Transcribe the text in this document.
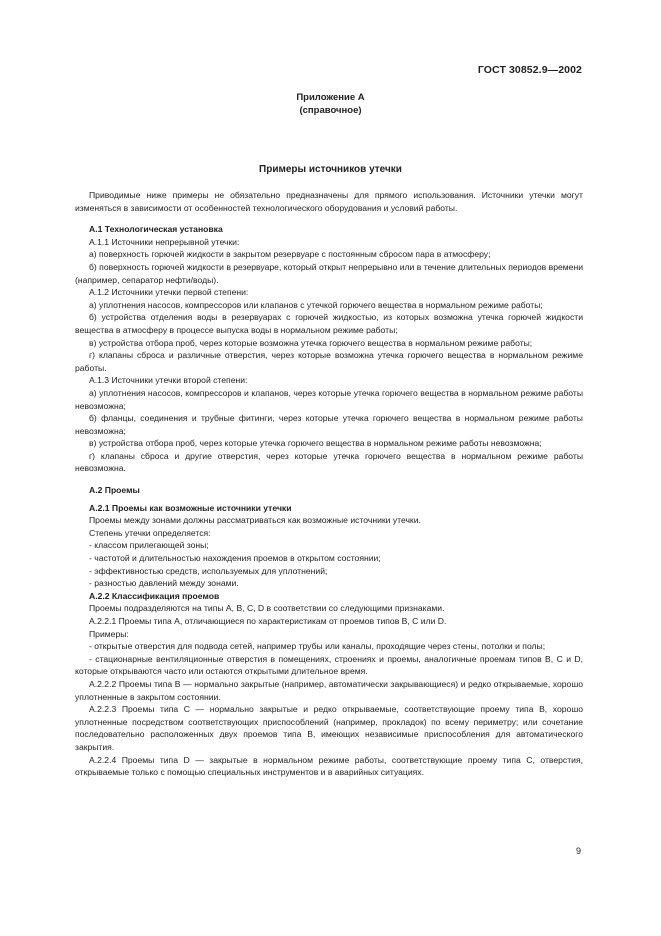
ГОСТ 30852.9—2002
Приложение А
(справочное)
Примеры источников утечки

Приводимые ниже примеры не обязательно предназначены для прямого использования. Источники утечки могут изменяться в зависимости от особенностей технологического оборудования и условий работы.

А.1 Технологическая установка

А.1.1 Источники непрерывной утечки:

а) поверхность горючей жидкости в закрытом резервуаре с постоянным сбросом пара в атмосферу;

б) поверхность горючей жидкости в резервуаре, который открыт непрерывно или в течение длительных периодов времени (например, сепаратор нефти/воды).

А.1.2 Источники утечки первой степени:

а) уплотнения насосов, компрессоров или клапанов с утечкой горючего вещества в нормальном режиме работы;

б) устройства отделения воды в резервуарах с горючей жидкостью, из которых возможна утечка горючей жидкости вещества в атмосферу в процессе выпуска воды в нормальном режиме работы;

в) устройства отбора проб, через которые возможна утечка горючего вещества в нормальном режиме работы;

г) клапаны сброса и различные отверстия, через которые возможна утечка горючего вещества в нормальном режиме работы.

А.1.3 Источники утечки второй степени:

а) уплотнения насосов, компрессоров и клапанов, через которые утечка горючего вещества в нормальном режиме работы невозможна;

б) фланцы, соединения и трубные фитинги, через которые утечка горючего вещества в нормальном режиме работы невозможна;

в) устройства отбора проб, через которые утечка горючего вещества в нормальном режиме работы невозможна;

г) клапаны сброса и другие отверстия, через которые утечка горючего вещества в нормальном режиме работы невозможна.

А.2 Проемы

А.2.1 Проемы как возможные источники утечки

Проемы между зонами должны рассматриваться как возможные источники утечки.

Степень утечки определяется:

- классом прилегающей зоны;

- частотой и длительностью нахождения проемов в открытом состоянии;

- эффективностью средств, используемых для уплотнений;

- разностью давлений между зонами.

А.2.2 Классификация проемов

Проемы подразделяются на типы А, В, С, D в соответствии со следующими признаками.

А.2.2.1 Проемы типа А, отличающиеся по характеристикам от проемов типов В, С или D.

Примеры:

- открытые отверстия для подвода сетей, например трубы или каналы, проходящие через стены, потолки и полы;

- стационарные вентиляционные отверстия в помещениях, строениях и проемы, аналогичные проемам типов В, С и D, которые открываются часто или остаются открытыми длительное время.

А.2.2.2 Проемы типа В — нормально закрытые (например, автоматически закрывающиеся) и редко открываемые, хорошо уплотненные в закрытом состоянии.

А.2.2.3 Проемы типа С — нормально закрытые и редко открываемые, соответствующие проему типа В, хорошо уплотненные посредством соответствующих приспособлений (например, прокладок) по всему периметру; или сочетание последовательно расположенных двух проемов типа В, имеющих независимые приспособления для автоматического закрытия.

А.2.2.4 Проемы типа D — закрытые в нормальном режиме работы, соответствующие проему типа С, отверстия, открываемые только с помощью специальных инструментов и в аварийных ситуациях.

9
